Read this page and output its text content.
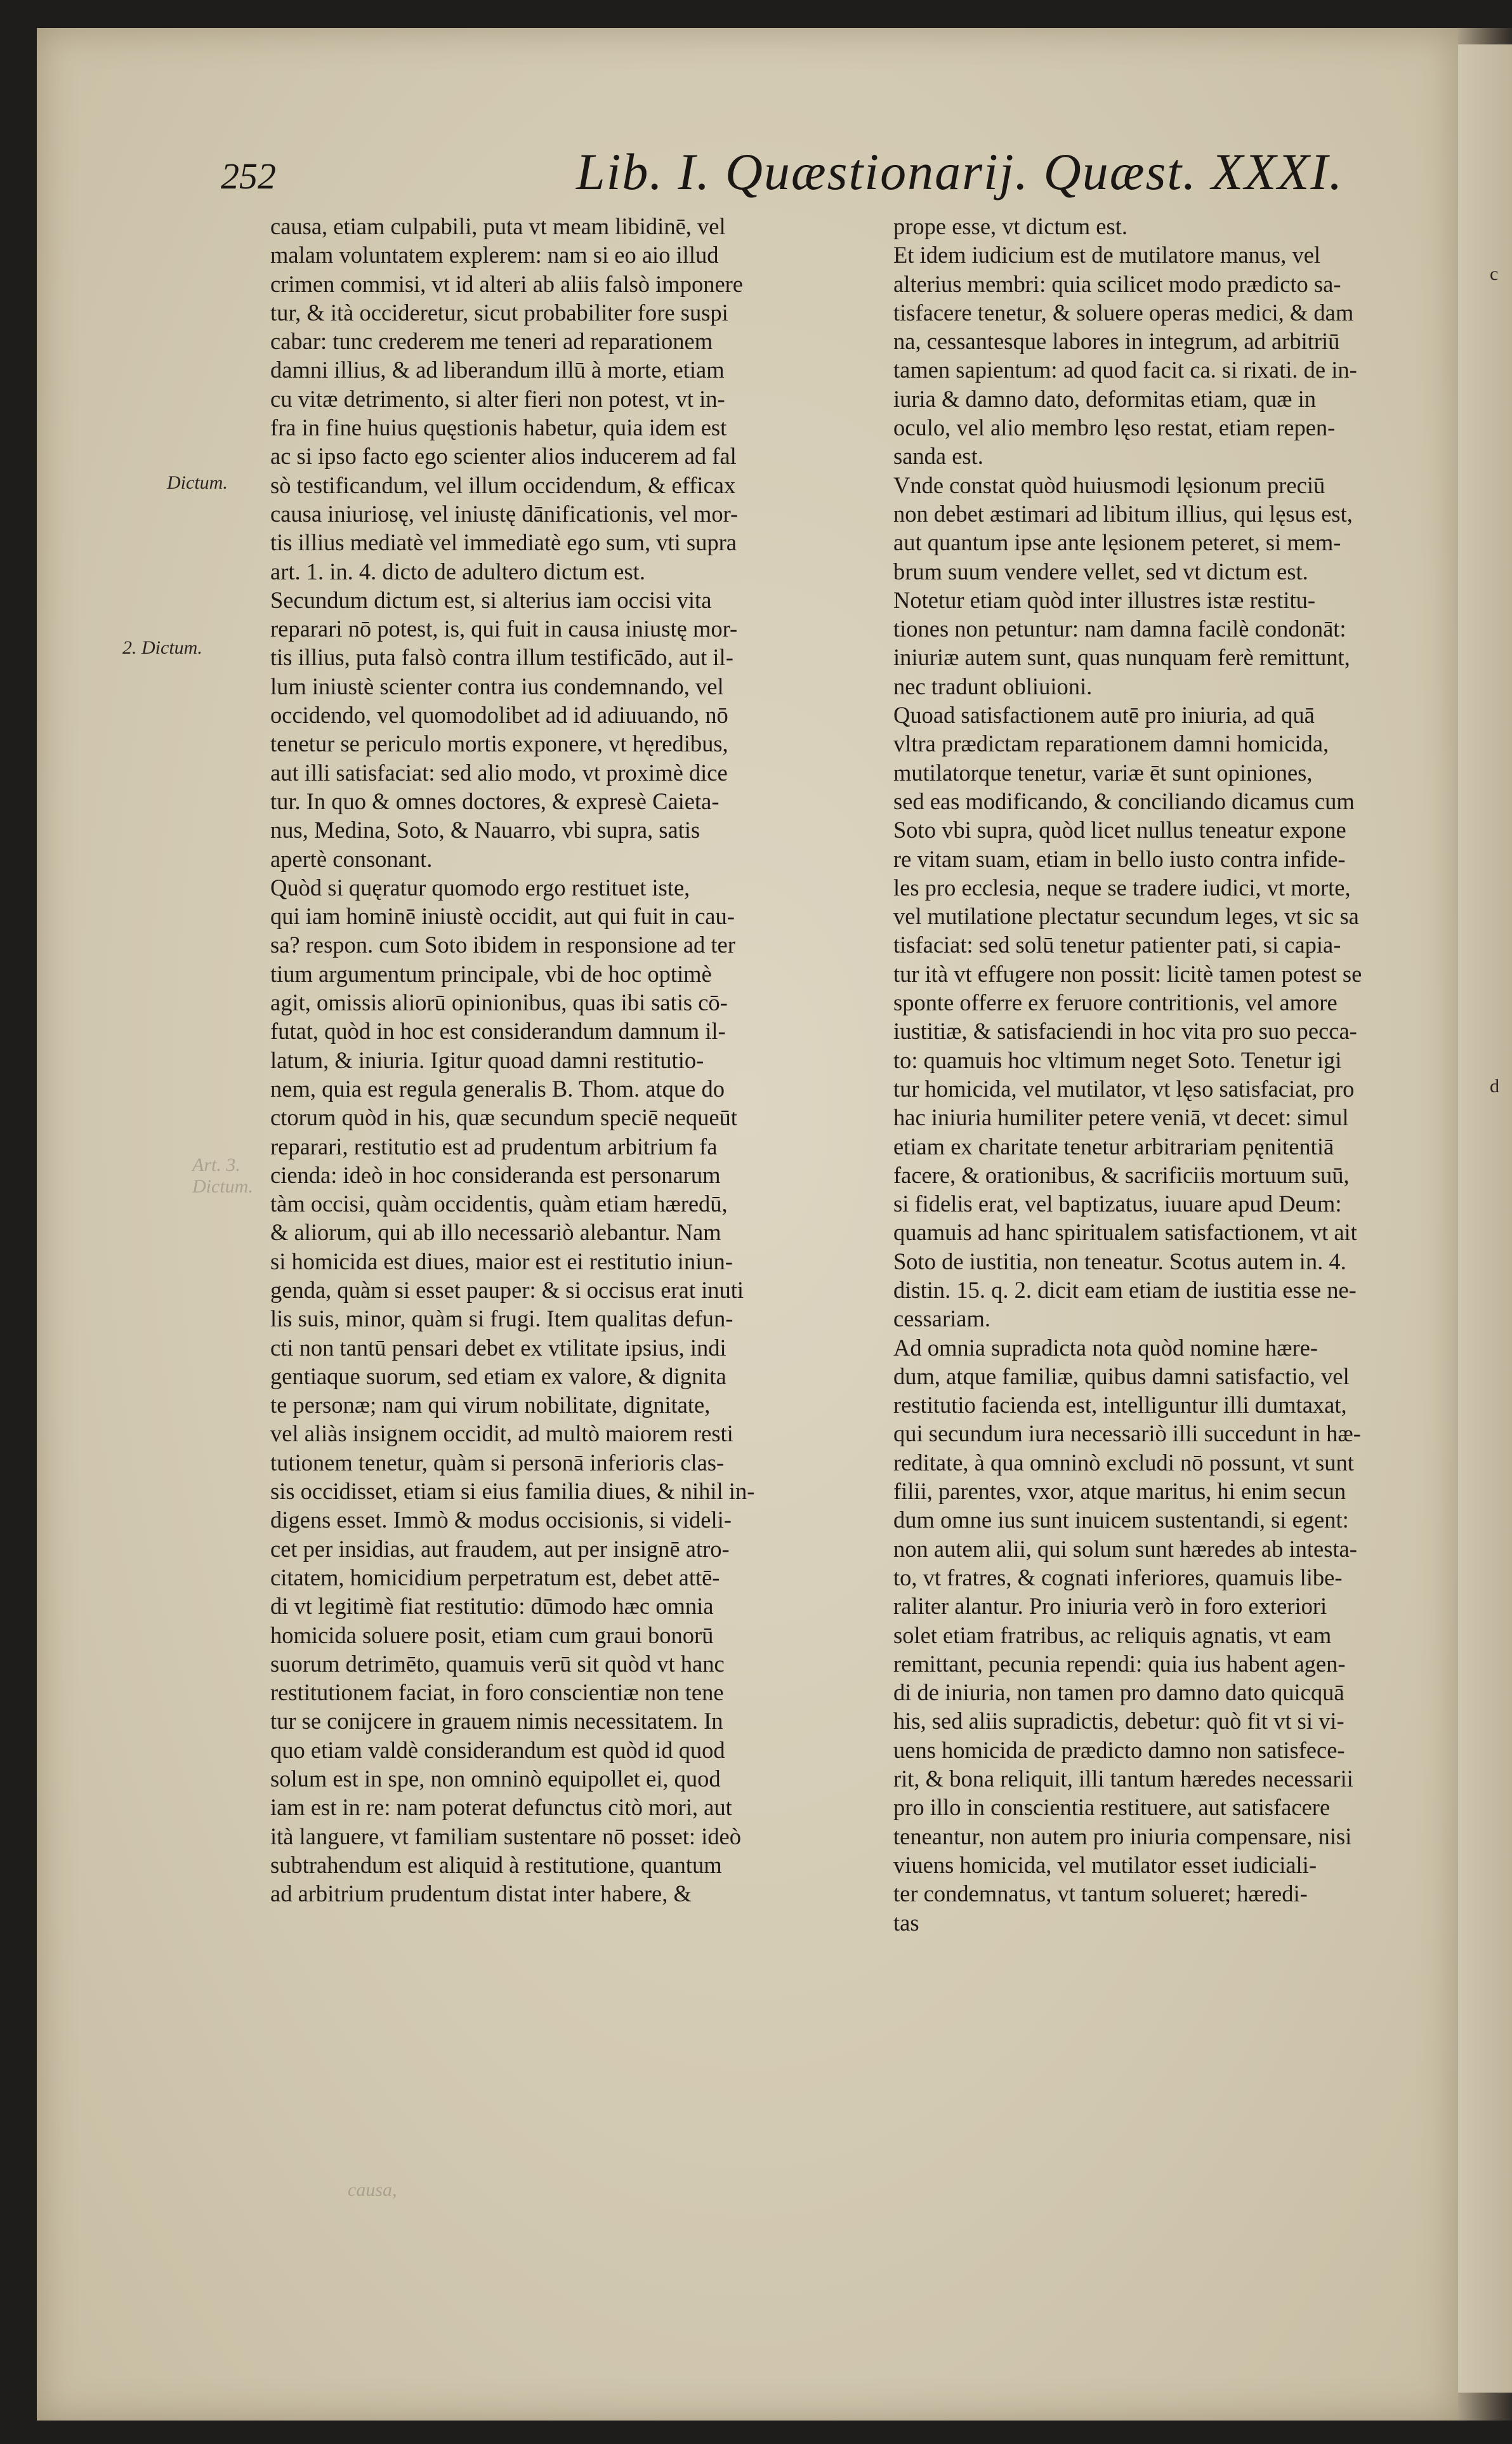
252	Lib. I. Quæstionarij. Quæst. XXXI.
Dictum.
2. Dictum.
Art. 3. Dictum.
causa, etiam culpabili, puta vt meam libidinē, vel
malam voluntatem explerem: nam si eo aio illud
crimen commisi, vt id alteri ab aliis falsò imponere
tur, & ità occideretur, sicut probabiliter fore suspi
cabar: tunc crederem me teneri ad reparationem
damni illius, & ad liberandum illū à morte, etiam
cu vitæ detrimento, si alter fieri non potest, vt in-
fra in fine huius quęstionis habetur, quia idem est
ac si ipso facto ego scienter alios inducerem ad fal
sò testificandum, vel illum occidendum, & efficax
causa iniuriosę, vel iniustę dānificationis, vel mor-
tis illius mediatè vel immediatè ego sum, vti supra
art. 1. in. 4. dicto de adultero dictum est.
Secundum dictum est, si alterius iam occisi vita
reparari nō potest, is, qui fuit in causa iniustę mor-
tis illius, puta falsò contra illum testificādo, aut il-
lum iniustè scienter contra ius condemnando, vel
occidendo, vel quomodolibet ad id adiuuando, nō
tenetur se periculo mortis exponere, vt hęredibus,
aut illi satisfaciat: sed alio modo, vt proximè dice
tur. In quo & omnes doctores, & expresè Caieta-
nus, Medina, Soto, & Nauarro, vbi supra, satis
apertè consonant.
Quòd si quęratur quomodo ergo restituet iste,
qui iam hominē iniustè occidit, aut qui fuit in cau-
sa? respon. cum Soto ibidem in responsione ad ter
tium argumentum principale, vbi de hoc optimè
agit, omissis aliorū opinionibus, quas ibi satis cō-
futat, quòd in hoc est considerandum damnum il-
latum, & iniuria. Igitur quoad damni restitutio-
nem, quia est regula generalis B. Thom. atque do
ctorum quòd in his, quæ secundum speciē nequeūt
reparari, restitutio est ad prudentum arbitrium fa
cienda: ideò in hoc consideranda est personarum
tàm occisi, quàm occidentis, quàm etiam hæredū,
& aliorum, qui ab illo necessariò alebantur. Nam
si homicida est diues, maior est ei restitutio iniun-
genda, quàm si esset pauper: & si occisus erat inuti
lis suis, minor, quàm si frugi. Item qualitas defun-
cti non tantū pensari debet ex vtilitate ipsius, indi
gentiaque suorum, sed etiam ex valore, & dignita
te personæ; nam qui virum nobilitate, dignitate,
vel aliàs insignem occidit, ad multò maiorem resti
tutionem tenetur, quàm si personā inferioris clas-
sis occidisset, etiam si eius familia diues, & nihil in-
digens esset. Immò & modus occisionis, si videli-
cet per insidias, aut fraudem, aut per insignē atro-
citatem, homicidium perpetratum est, debet attē-
di vt legitimè fiat restitutio: dūmodo hæc omnia
homicida soluere posit, etiam cum graui bonorū
suorum detrimēto, quamuis verū sit quòd vt hanc
restitutionem faciat, in foro conscientiæ non tene
tur se conijcere in grauem nimis necessitatem. In
quo etiam valdè considerandum est quòd id quod
solum est in spe, non omninò equipollet ei, quod
iam est in re: nam poterat defunctus citò mori, aut
ità languere, vt familiam sustentare nō posset: ideò
subtrahendum est aliquid à restitutione, quantum
ad arbitrium prudentum distat inter habere, &
prope esse, vt dictum est.
Et idem iudicium est de mutilatore manus, vel
alterius membri: quia scilicet modo prædicto sa-
tisfacere tenetur, & soluere operas medici, & dam
na, cessantesque labores in integrum, ad arbitriū
tamen sapientum: ad quod facit ca. si rixati. de in-
iuria & damno dato, deformitas etiam, quæ in
oculo, vel alio membro lęso restat, etiam repen-
sanda est.
Vnde constat quòd huiusmodi lęsionum preciū
non debet æstimari ad libitum illius, qui lęsus est,
aut quantum ipse ante lęsionem peteret, si mem-
brum suum vendere vellet, sed vt dictum est.
Notetur etiam quòd inter illustres istæ restitu-
tiones non petuntur: nam damna facilè condonāt:
iniuriæ autem sunt, quas nunquam ferè remittunt,
nec tradunt obliuioni.
Quoad satisfactionem autē pro iniuria, ad quā
vltra prædictam reparationem damni homicida,
mutilatorque tenetur, variæ ēt sunt opiniones,
sed eas modificando, & conciliando dicamus cum
Soto vbi supra, quòd licet nullus teneatur expone
re vitam suam, etiam in bello iusto contra infide-
les pro ecclesia, neque se tradere iudici, vt morte,
vel mutilatione plectatur secundum leges, vt sic sa
tisfaciat: sed solū tenetur patienter pati, si capia-
tur ità vt effugere non possit: licitè tamen potest se
sponte offerre ex feruore contritionis, vel amore
iustitiæ, & satisfaciendi in hoc vita pro suo pecca-
to: quamuis hoc vltimum neget Soto. Tenetur igi
tur homicida, vel mutilator, vt lęso satisfaciat, pro
hac iniuria humiliter petere veniā, vt decet: simul
etiam ex charitate tenetur arbitrariam pęnitentiā
facere, & orationibus, & sacrificiis mortuum suū,
si fidelis erat, vel baptizatus, iuuare apud Deum:
quamuis ad hanc spiritualem satisfactionem, vt ait
Soto de iustitia, non teneatur. Scotus autem in. 4.
distin. 15. q. 2. dicit eam etiam de iustitia esse ne-
cessariam.
Ad omnia supradicta nota quòd nomine hære-
dum, atque familiæ, quibus damni satisfactio, vel
restitutio facienda est, intelliguntur illi dumtaxat,
qui secundum iura necessariò illi succedunt in hæ-
reditate, à qua omninò excludi nō possunt, vt sunt
filii, parentes, vxor, atque maritus, hi enim secun
dum omne ius sunt inuicem sustentandi, si egent:
non autem alii, qui solum sunt hæredes ab intesta-
to, vt fratres, & cognati inferiores, quamuis libe-
raliter alantur. Pro iniuria verò in foro exteriori
solet etiam fratribus, ac reliquis agnatis, vt eam
remittant, pecunia rependi: quia ius habent agen-
di de iniuria, non tamen pro damno dato quicquā
his, sed aliis supradictis, debetur: quò fit vt si vi-
uens homicida de prædicto damno non satisfece-
rit, & bona reliquit, illi tantum hæredes necessarii
pro illo in conscientia restituere, aut satisfacere
teneantur, non autem pro iniuria compensare, nisi
viuens homicida, vel mutilator esset iudiciali-
ter condemnatus, vt tantum solueret; hæredi-
tas
causa,
c
d
